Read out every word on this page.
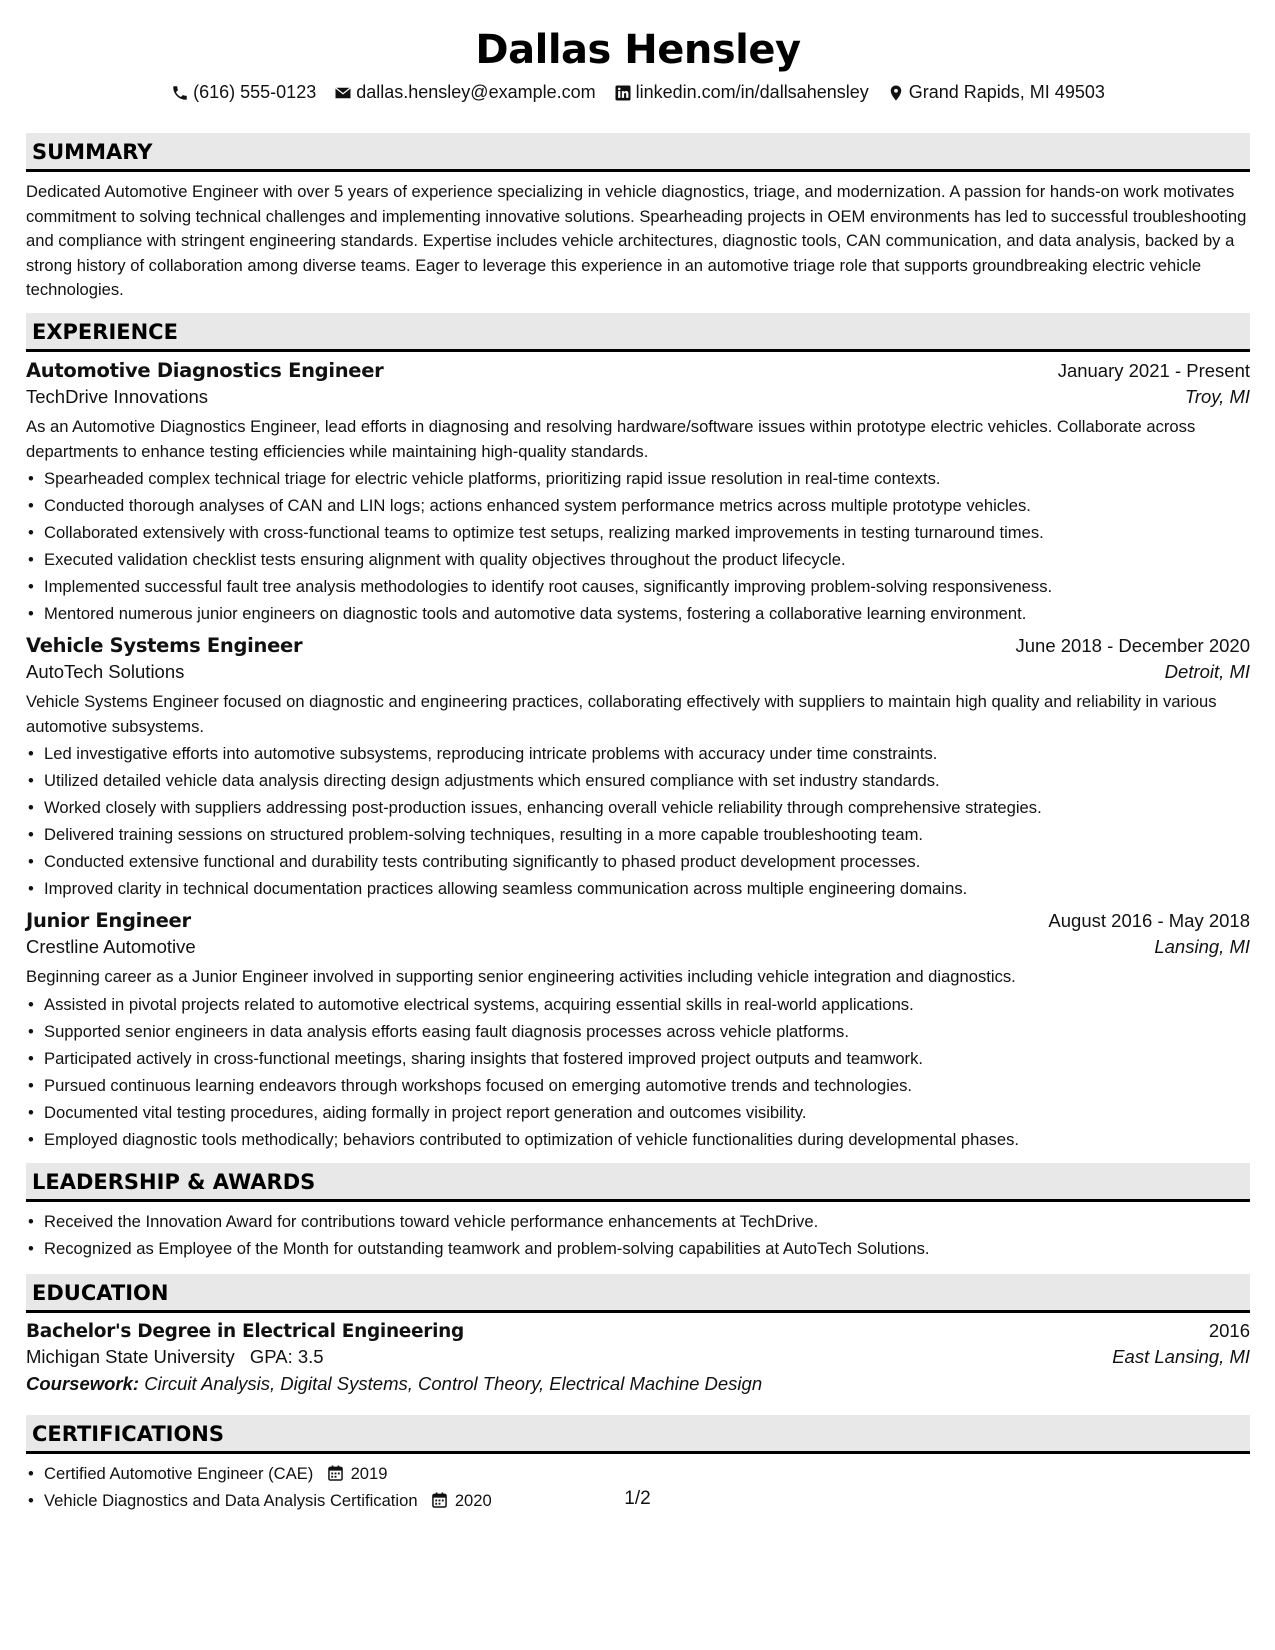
Dallas Hensley
(616) 555-0123 dallas.hensley@example.com linkedin.com/in/dallsahensley Grand Rapids, MI 49503
SUMMARY

Dedicated Automotive Engineer with over 5 years of experience specializing in vehicle diagnostics, triage, and modernization. A passion for hands-on work motivates commitment to solving technical challenges and implementing innovative solutions. Spearheading projects in OEM environments has led to successful troubleshooting and compliance with stringent engineering standards. Expertise includes vehicle architectures, diagnostic tools, CAN communication, and data analysis, backed by a strong history of collaboration among diverse teams. Eager to leverage this experience in an automotive triage role that supports groundbreaking electric vehicle technologies.

EXPERIENCE
Automotive Diagnostics Engineer	January 2021 - Present
TechDrive Innovations	Troy, MI

As an Automotive Diagnostics Engineer, lead efforts in diagnosing and resolving hardware/software issues within prototype electric vehicles. Collaborate across departments to enhance testing efficiencies while maintaining high-quality standards.

• Spearheaded complex technical triage for electric vehicle platforms, prioritizing rapid issue resolution in real-time contexts.
• Conducted thorough analyses of CAN and LIN logs; actions enhanced system performance metrics across multiple prototype vehicles.
• Collaborated extensively with cross-functional teams to optimize test setups, realizing marked improvements in testing turnaround times.
• Executed validation checklist tests ensuring alignment with quality objectives throughout the product lifecycle.
• Implemented successful fault tree analysis methodologies to identify root causes, significantly improving problem-solving responsiveness.
• Mentored numerous junior engineers on diagnostic tools and automotive data systems, fostering a collaborative learning environment.
Vehicle Systems Engineer	June 2018 - December 2020
AutoTech Solutions	Detroit, MI

Vehicle Systems Engineer focused on diagnostic and engineering practices, collaborating effectively with suppliers to maintain high quality and reliability in various automotive subsystems.

• Led investigative efforts into automotive subsystems, reproducing intricate problems with accuracy under time constraints.
• Utilized detailed vehicle data analysis directing design adjustments which ensured compliance with set industry standards.
• Worked closely with suppliers addressing post-production issues, enhancing overall vehicle reliability through comprehensive strategies.
• Delivered training sessions on structured problem-solving techniques, resulting in a more capable troubleshooting team.
• Conducted extensive functional and durability tests contributing significantly to phased product development processes.
• Improved clarity in technical documentation practices allowing seamless communication across multiple engineering domains.
Junior Engineer	August 2016 - May 2018
Crestline Automotive	Lansing, MI

Beginning career as a Junior Engineer involved in supporting senior engineering activities including vehicle integration and diagnostics.

• Assisted in pivotal projects related to automotive electrical systems, acquiring essential skills in real-world applications.
• Supported senior engineers in data analysis efforts easing fault diagnosis processes across vehicle platforms.
• Participated actively in cross-functional meetings, sharing insights that fostered improved project outputs and teamwork.
• Pursued continuous learning endeavors through workshops focused on emerging automotive trends and technologies.
• Documented vital testing procedures, aiding formally in project report generation and outcomes visibility.
• Employed diagnostic tools methodically; behaviors contributed to optimization of vehicle functionalities during developmental phases.
LEADERSHIP & AWARDS
• Received the Innovation Award for contributions toward vehicle performance enhancements at TechDrive.
• Recognized as Employee of the Month for outstanding teamwork and problem-solving capabilities at AutoTech Solutions.
EDUCATION
Bachelor's Degree in Electrical Engineering	2016
Michigan State University GPA: 3.5	East Lansing, MI
Coursework: Circuit Analysis, Digital Systems, Control Theory, Electrical Machine Design
CERTIFICATIONS
• Certified Automotive Engineer (CAE) 2019
• Vehicle Diagnostics and Data Analysis Certification 2020	1/2
